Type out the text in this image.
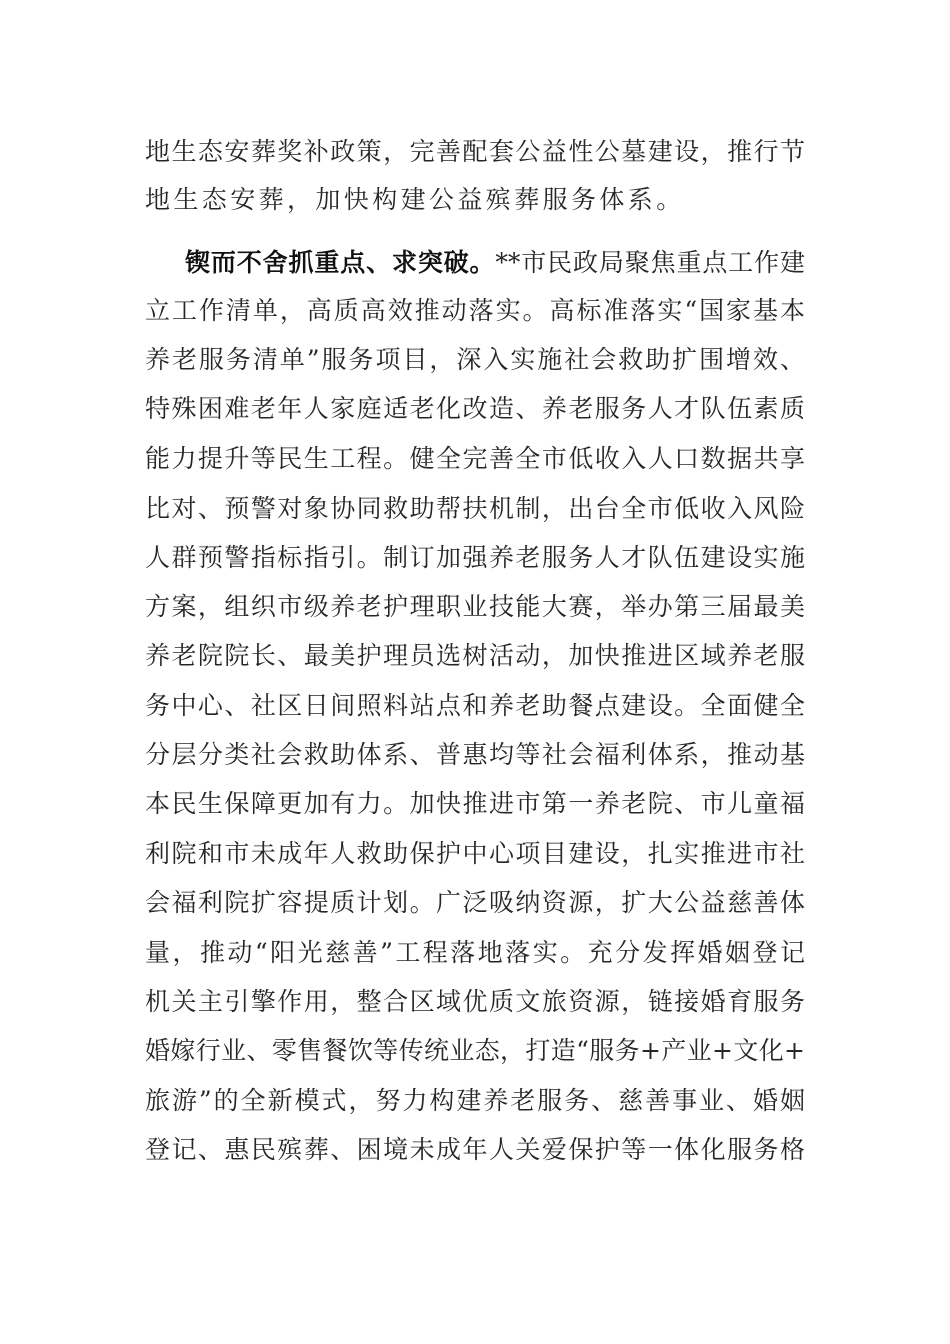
地生态安葬奖补政策，完善配套公益性公墓建设，推行节
地生态安葬，加快构建公益殡葬服务体系。
锲而不舍抓重点、求突破。**市民政局聚焦重点工作建
立工作清单，高质高效推动落实。高标准落实“国家基本
养老服务清单”服务项目，深入实施社会救助扩围增效、
特殊困难老年人家庭适老化改造、养老服务人才队伍素质
能力提升等民生工程。健全完善全市低收入人口数据共享
比对、预警对象协同救助帮扶机制，出台全市低收入风险
人群预警指标指引。制订加强养老服务人才队伍建设实施
方案，组织市级养老护理职业技能大赛，举办第三届最美
养老院院长、最美护理员选树活动，加快推进区域养老服
务中心、社区日间照料站点和养老助餐点建设。全面健全
分层分类社会救助体系、普惠均等社会福利体系，推动基
本民生保障更加有力。加快推进市第一养老院、市儿童福
利院和市未成年人救助保护中心项目建设，扎实推进市社
会福利院扩容提质计划。广泛吸纳资源，扩大公益慈善体
量，推动“阳光慈善”工程落地落实。充分发挥婚姻登记
机关主引擎作用，整合区域优质文旅资源，链接婚育服务
婚嫁行业、零售餐饮等传统业态，打造“服务+产业+文化+
旅游”的全新模式，努力构建养老服务、慈善事业、婚姻
登记、惠民殡葬、困境未成年人关爱保护等一体化服务格
